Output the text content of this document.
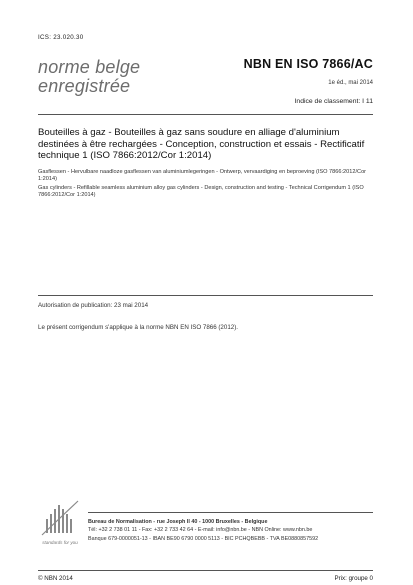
ICS: 23.020.30
norme belge
enregistrée
NBN EN ISO 7866/AC
1e éd., mai 2014
Indice de classement: I 11
Bouteilles à gaz - Bouteilles à gaz sans soudure en alliage d'aluminium destinées à être rechargées - Conception, construction et essais - Rectificatif technique 1 (ISO 7866:2012/Cor 1:2014)
Gasflessen - Hervulbare naadloze gasflessen van aluminiumlegeringen - Ontwerp, vervaardiging en beproeving (ISO 7866:2012/Cor 1:2014)
Gas cylinders - Refillable seamless aluminium alloy gas cylinders - Design, construction and testing - Technical Corrigendum 1 (ISO 7866:2012/Cor 1:2014)
Autorisation de publication: 23 mai 2014
Le présent corrigendum s'applique à la norme NBN EN ISO 7866 (2012).
standards for you
Bureau de Normalisation - rue Joseph II 40 - 1000 Bruxelles - Belgique
Tél: +32 2 738 01 11 - Fax: +32 2 733 42 64 - E-mail: info@nbn.be - NBN Online: www.nbn.be
Banque 679-0000051-13 - IBAN BE90 6790 0000 5113 - BIC PCHQBEBB - TVA BE0880857592
© NBN 2014	Prix: groupe 0
